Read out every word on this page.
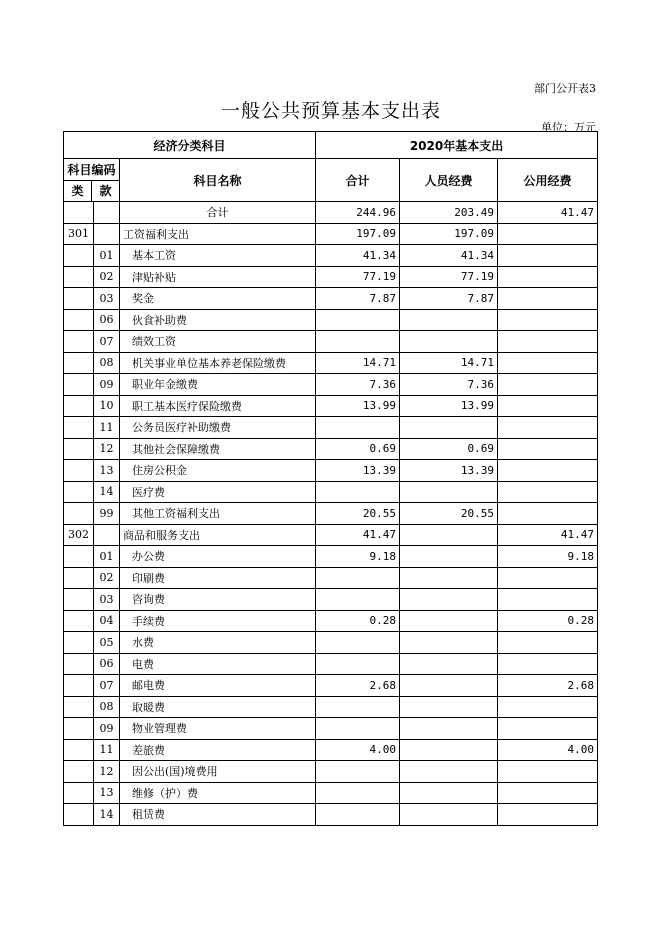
部门公开表3
一般公共预算基本支出表
单位：万元
经济分类科目			2020年基本支出		

科目编码
类 款		科目名称	合计	人员经费	公用经费
		合计	244.96	203.49	41.47
301		工资福利支出	197.09	197.09	
	01	基本工资	41.34	41.34	
	02	津贴补贴	77.19	77.19	
	03	奖金	7.87	7.87	
	06	伙食补助费			
	07	绩效工资			
	08	机关事业单位基本养老保险缴费	14.71	14.71	
	09	职业年金缴费	7.36	7.36	
	10	职工基本医疗保险缴费	13.99	13.99	
	11	公务员医疗补助缴费			
	12	其他社会保障缴费	0.69	0.69	
	13	住房公积金	13.39	13.39	
	14	医疗费			
	99	其他工资福利支出	20.55	20.55	
302		商品和服务支出	41.47		41.47
	01	办公费	9.18		9.18
	02	印刷费			
	03	咨询费			
	04	手续费	0.28		0.28
	05	水费			
	06	电费			
	07	邮电费	2.68		2.68
	08	取暖费			
	09	物业管理费			
	11	差旅费	4.00		4.00
	12	因公出(国)境费用			
	13	维修（护）费			
	14	租赁费			
